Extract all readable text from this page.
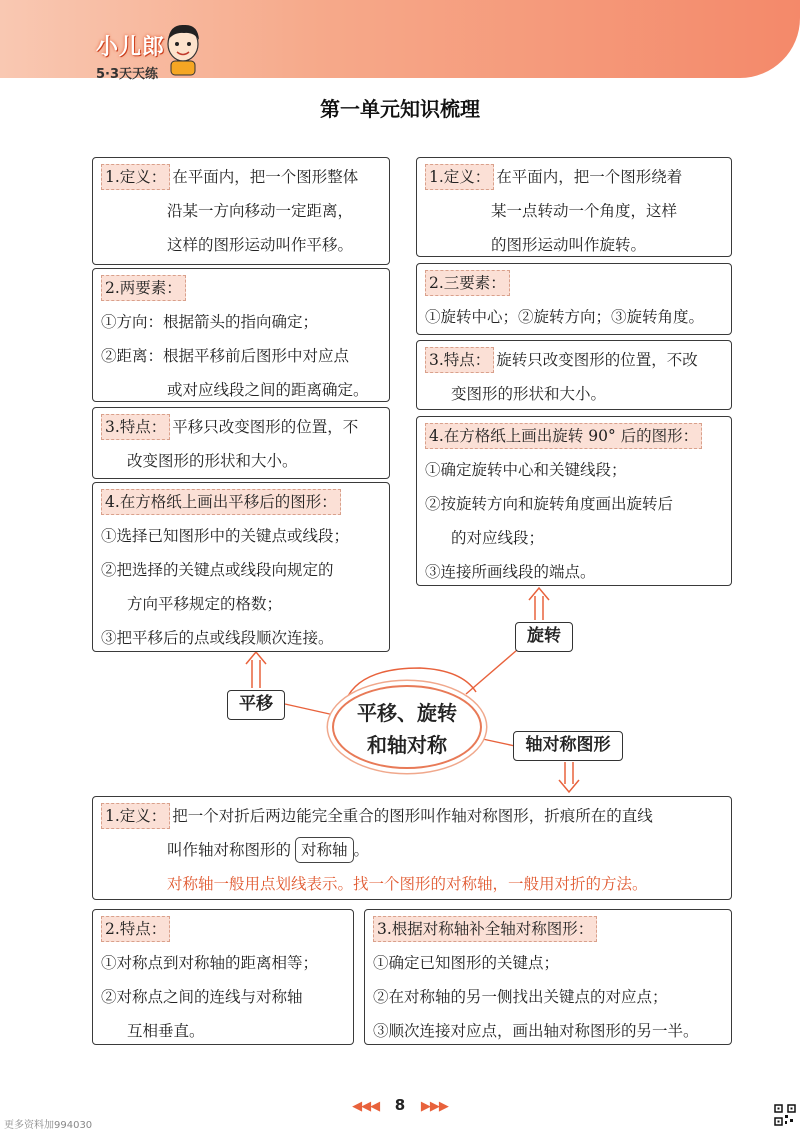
小儿郎
5·3天天练
第一单元知识梳理
1.定义： 在平面内，把一个图形整体
沿某一方向移动一定距离，
这样的图形运动叫作平移。
2.两要素：
①方向：根据箭头的指向确定；
②距离：根据平移前后图形中对应点
或对应线段之间的距离确定。
3.特点： 平移只改变图形的位置，不
改变图形的形状和大小。
4.在方格纸上画出平移后的图形：
①选择已知图形中的关键点或线段；
②把选择的关键点或线段向规定的
方向平移规定的格数；
③把平移后的点或线段顺次连接。
1.定义： 在平面内，把一个图形绕着
某一点转动一个角度，这样
的图形运动叫作旋转。
2.三要素：
①旋转中心；②旋转方向；③旋转角度。
3.特点： 旋转只改变图形的位置，不改
变图形的形状和大小。
4.在方格纸上画出旋转 90° 后的图形：
①确定旋转中心和关键线段；
②按旋转方向和旋转角度画出旋转后
的对应线段；
③连接所画线段的端点。
平移
旋转
轴对称图形
平移、旋转
和轴对称
1.定义： 把一个对折后两边能完全重合的图形叫作轴对称图形，折痕所在的直线
叫作轴对称图形的 对称轴 。
对称轴一般用点划线表示。找一个图形的对称轴，一般用对折的方法。
2.特点：
①对称点到对称轴的距离相等；
②对称点之间的连线与对称轴
互相垂直。
3.根据对称轴补全轴对称图形：
①确定已知图形的关键点；
②在对称轴的另一侧找出关键点的对应点；
③顺次连接对应点，画出轴对称图形的另一半。
◀◀◀ 8 ▶▶▶
更多资料加994030
